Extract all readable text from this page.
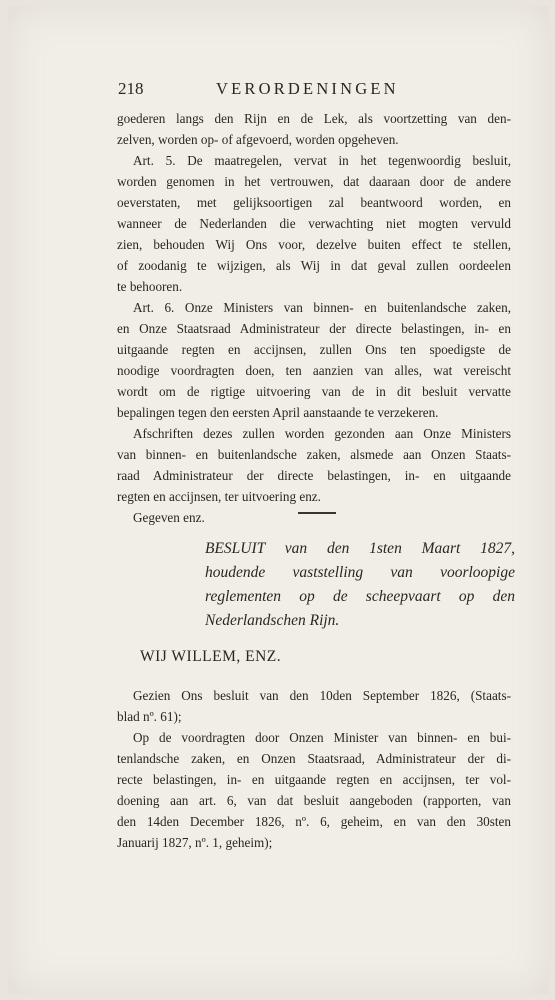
218	VERORDENINGEN
goederen langs den Rijn en de Lek, als voortzetting van den-
zelven, worden op- of afgevoerd, worden opgeheven.
Art. 5. De maatregelen, vervat in het tegenwoordig besluit,
worden genomen in het vertrouwen, dat daaraan door de andere
oeverstaten, met gelijksoortigen zal beantwoord worden, en
wanneer de Nederlanden die verwachting niet mogten vervuld
zien, behouden Wij Ons voor, dezelve buiten effect te stellen,
of zoodanig te wijzigen, als Wij in dat geval zullen oordeelen
te behooren.
Art. 6. Onze Ministers van binnen- en buitenlandsche zaken,
en Onze Staatsraad Administrateur der directe belastingen, in- en
uitgaande regten en accijnsen, zullen Ons ten spoedigste de
noodige voordragten doen, ten aanzien van alles, wat vereischt
wordt om de rigtige uitvoering van de in dit besluit vervatte
bepalingen tegen den eersten April aanstaande te verzekeren.
Afschriften dezes zullen worden gezonden aan Onze Ministers
van binnen- en buitenlandsche zaken, alsmede aan Onzen Staats-
raad Administrateur der directe belastingen, in- en uitgaande
regten en accijnsen, ter uitvoering enz.
Gegeven enz.
BESLUIT van den 1sten Maart 1827,
houdende vaststelling van voorloopige
reglementen op de scheepvaart op den
Nederlandschen Rijn.
WIJ WILLEM, ENZ.
Gezien Ons besluit van den 10den September 1826, (Staats-
blad nº. 61);
Op de voordragten door Onzen Minister van binnen- en bui-
tenlandsche zaken, en Onzen Staatsraad, Administrateur der di-
recte belastingen, in- en uitgaande regten en accijnsen, ter vol-
doening aan art. 6, van dat besluit aangeboden (rapporten, van
den 14den December 1826, nº. 6, geheim, en van den 30sten
Januarij 1827, nº. 1, geheim);
